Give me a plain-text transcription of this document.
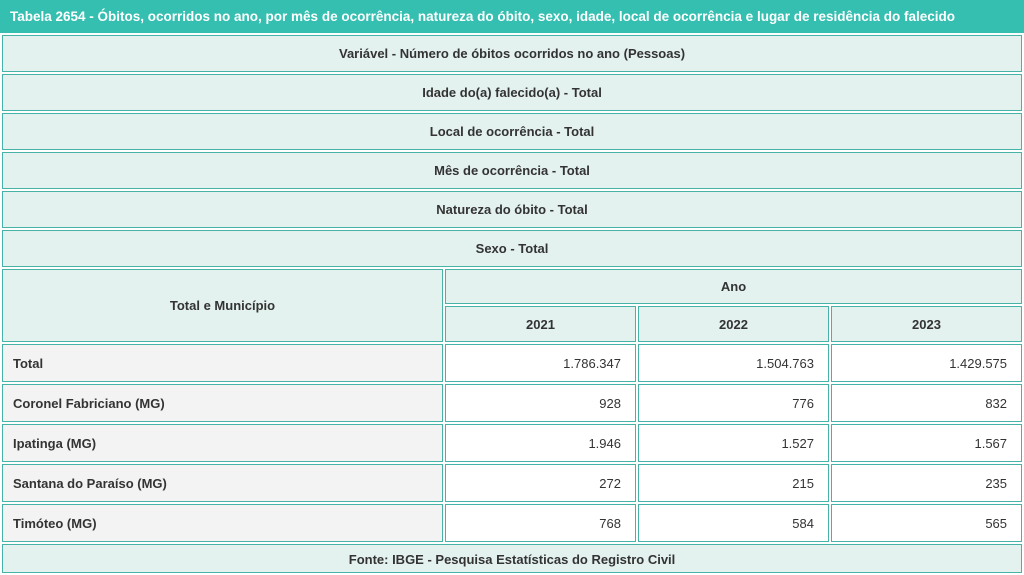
Tabela 2654 - Óbitos, ocorridos no ano, por mês de ocorrência, natureza do óbito, sexo, idade, local de ocorrência e lugar de residência do falecido
Variável - Número de óbitos ocorridos no ano (Pessoas)			
Idade do(a) falecido(a) - Total			
Local de ocorrência - Total			
Mês de ocorrência - Total			
Natureza do óbito - Total			
Sexo - Total			
Total e Município	Ano		
	2021	2022	2023
Total	1.786.347	1.504.763	1.429.575
Coronel Fabriciano (MG)	928	776	832
Ipatinga (MG)	1.946	1.527	1.567
Santana do Paraíso (MG)	272	215	235
Timóteo (MG)	768	584	565
Fonte: IBGE - Pesquisa Estatísticas do Registro Civil			
